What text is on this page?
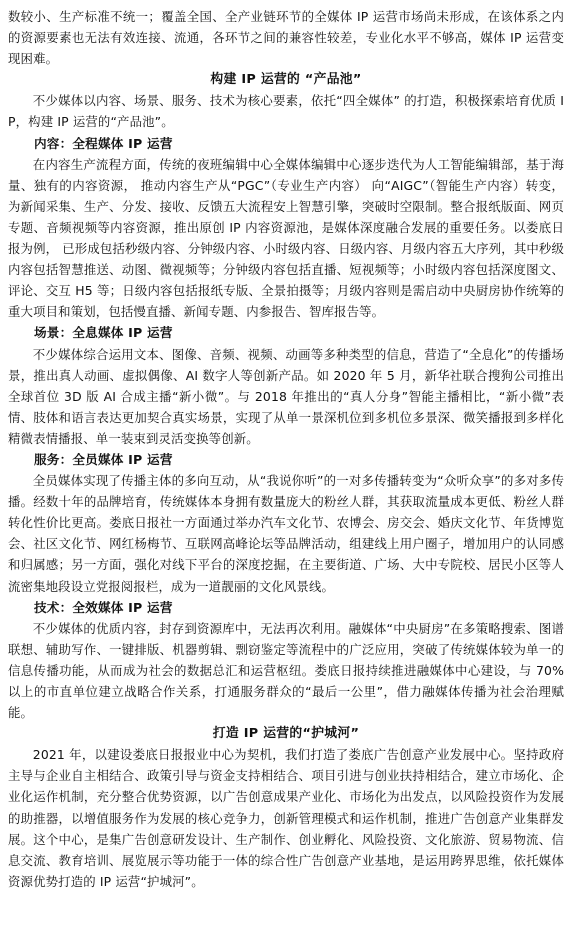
数较小、生产标准不统一；覆盖全国、全产业链环节的全媒体 IP 运营市场尚未形成，在该体系之内的资源要素也无法有效连接、流通，各环节之间的兼容性较差，专业化水平不够高，媒体 IP 运营变现困难。

构建 IP 运营的 “产品池”

不少媒体以内容、场景、服务、技术为核心要素，依托“四全媒体” 的打造，积极探索培育优质 IP，构建 IP 运营的“产品池”。

内容：全程媒体 IP 运营

在内容生产流程方面，传统的夜班编辑中心全媒体编辑中心逐步迭代为人工智能编辑部，基于海量、独有的内容资源， 推动内容生产从“PGC”（专业生产内容） 向“AIGC”（智能生产内容）转变，为新闻采集、生产、分发、接收、反馈五大流程安上智慧引擎，突破时空限制。整合报纸版面、网页专题、音频视频等内容资源，推出原创 IP 内容资源池，是媒体深度融合发展的重要任务。以娄底日报为例， 已形成包括秒级内容、分钟级内容、小时级内容、日级内容、月级内容五大序列，其中秒级内容包括智慧推送、动图、微视频等；分钟级内容包括直播、短视频等；小时级内容包括深度图文、评论、交互 H5 等；日级内容包括报纸专版、全景拍摄等；月级内容则是需启动中央厨房协作统筹的重大项目和策划，包括慢直播、新闻专题、内参报告、智库报告等。

场景：全息媒体 IP 运营

不少媒体综合运用文本、图像、音频、视频、动画等多种类型的信息，营造了“全息化”的传播场景，推出真人动画、虚拟偶像、AI 数字人等创新产品。如 2020 年 5 月，新华社联合搜狗公司推出全球首位 3D 版 AI 合成主播“新小微”。与 2018 年推出的“真人分身”智能主播相比，“新小微”表情、肢体和语言表达更加契合真实场景，实现了从单一景深机位到多机位多景深、微笑播报到多样化精微表情播报、单一装束到灵活变换等创新。

服务：全员媒体 IP 运营

全员媒体实现了传播主体的多向互动，从“我说你听”的一对多传播转变为“众听众享”的多对多传播。经数十年的品牌培育，传统媒体本身拥有数量庞大的粉丝人群，其获取流量成本更低、粉丝人群转化性价比更高。娄底日报社一方面通过举办汽车文化节、农博会、房交会、婚庆文化节、年货博览会、社区文化节、网红杨梅节、互联网高峰论坛等品牌活动，组建线上用户圈子，增加用户的认同感和归属感；另一方面，强化对线下平台的深度挖掘，在主要街道、广场、大中专院校、居民小区等人流密集地段设立党报阅报栏，成为一道靓丽的文化风景线。

技术：全效媒体 IP 运营

不少媒体的优质内容，封存到资源库中，无法再次利用。融媒体“中央厨房”在多策略搜索、图谱联想、辅助写作、一键排版、机器剪辑、剽窃鉴定等流程中的广泛应用，突破了传统媒体较为单一的信息传播功能，从而成为社会的数据总汇和运营枢纽。娄底日报持续推进融媒体中心建设，与 70%以上的市直单位建立战略合作关系，打通服务群众的“最后一公里”，借力融媒体传播为社会治理赋能。

打造 IP 运营的“护城河”

2021 年，以建设娄底日报报业中心为契机，我们打造了娄底广告创意产业发展中心。坚持政府主导与企业自主相结合、政策引导与资金支持相结合、项目引进与创业扶持相结合，建立市场化、企业化运作机制，充分整合优势资源，以广告创意成果产业化、市场化为出发点，以风险投资作为发展的助推器，以增值服务作为发展的核心竞争力，创新管理模式和运作机制，推进广告创意产业集群发展。这个中心，是集广告创意研发设计、生产制作、创业孵化、风险投资、文化旅游、贸易物流、信息交流、教育培训、展览展示等功能于一体的综合性广告创意产业基地，是运用跨界思维，依托媒体资源优势打造的 IP 运营“护城河”。
